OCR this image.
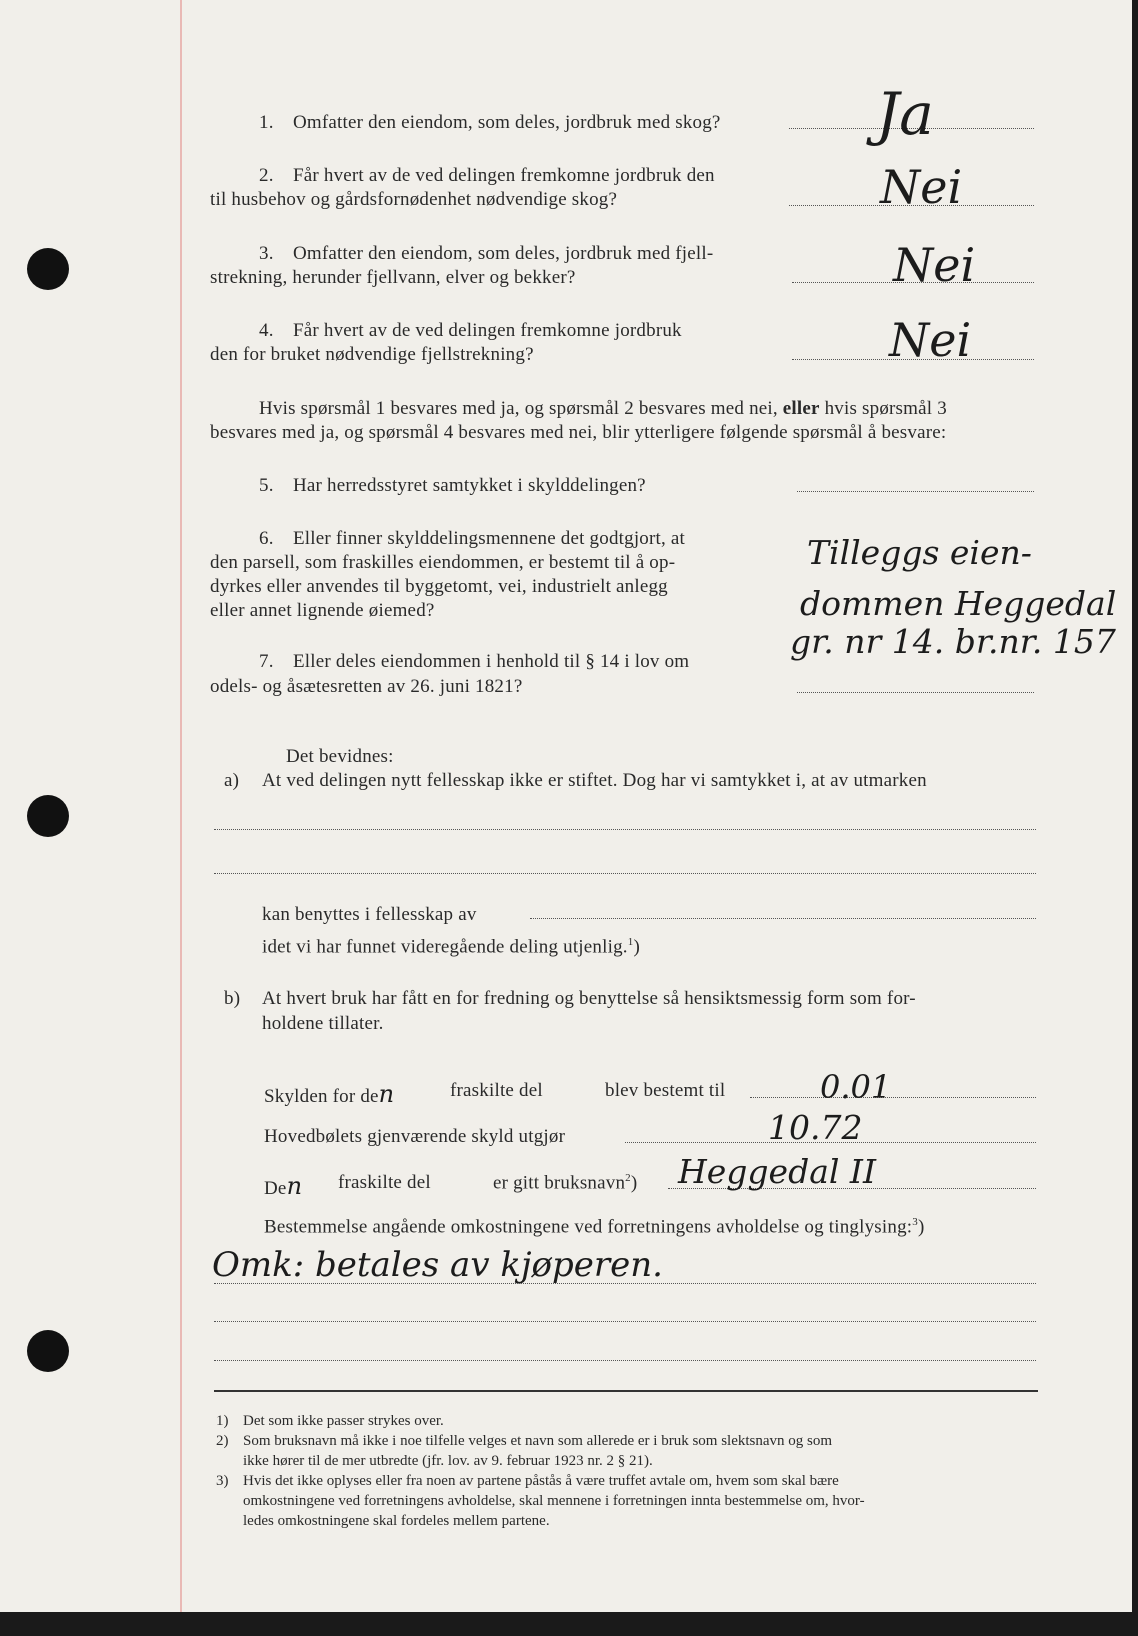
1. Omfatter den eiendom, som deles, jordbruk med skog?	Ja
2. Får hvert av de ved delingen fremkomne jordbruk den
til husbehov og gårdsfornødenhet nødvendige skog?	Nei
3. Omfatter den eiendom, som deles, jordbruk med fjell-
strekning, herunder fjellvann, elver og bekker?	Nei
4. Får hvert av de ved delingen fremkomne jordbruk
den for bruket nødvendige fjellstrekning?	Nei
Hvis spørsmål 1 besvares med ja, og spørsmål 2 besvares med nei, eller hvis spørsmål 3
besvares med ja, og spørsmål 4 besvares med nei, blir ytterligere følgende spørsmål å besvare:
5. Har herredsstyret samtykket i skylddelingen?
6. Eller finner skylddelingsmennene det godtgjort, at
den parsell, som fraskilles eiendommen, er bestemt til å op-
dyrkes eller anvendes til byggetomt, vei, industrielt anlegg
eller annet lignende øiemed?
Tilleggs eien-
dommen Heggedal
gr. nr 14. br.nr. 157
7. Eller deles eiendommen i henhold til § 14 i lov om
odels- og åsætesretten av 26. juni 1821?
Det bevidnes:
a) At ved delingen nytt fellesskap ikke er stiftet. Dog har vi samtykket i, at av utmarken
kan benyttes i fellesskap av
idet vi har funnet videregående deling utjenlig.$^1$)
b) At hvert bruk har fått en for fredning og benyttelse så hensiktsmessig form som for-
holdene tillater.
Skylden for den	fraskilte del	blev bestemt til	0.01
Hovedbølets gjenværende skyld utgjør	10.72
Den fraskilte del	er gitt bruksnavn$^2$) Heggedal II
Bestemmelse angående omkostningene ved forretningens avholdelse og tinglysing:$^3$)
Omk: betales av kjøperen.
1) Det som ikke passer strykes over.
2) Som bruksnavn må ikke i noe tilfelle velges et navn som allerede er i bruk som slektsnavn og som
ikke hører til de mer utbredte (jfr. lov. av 9. februar 1923 nr. 2 § 21).
3) Hvis det ikke oplyses eller fra noen av partene påstås å være truffet avtale om, hvem som skal bære
omkostningene ved forretningens avholdelse, skal mennene i forretningen innta bestemmelse om, hvor-
ledes omkostningene skal fordeles mellem partene.
